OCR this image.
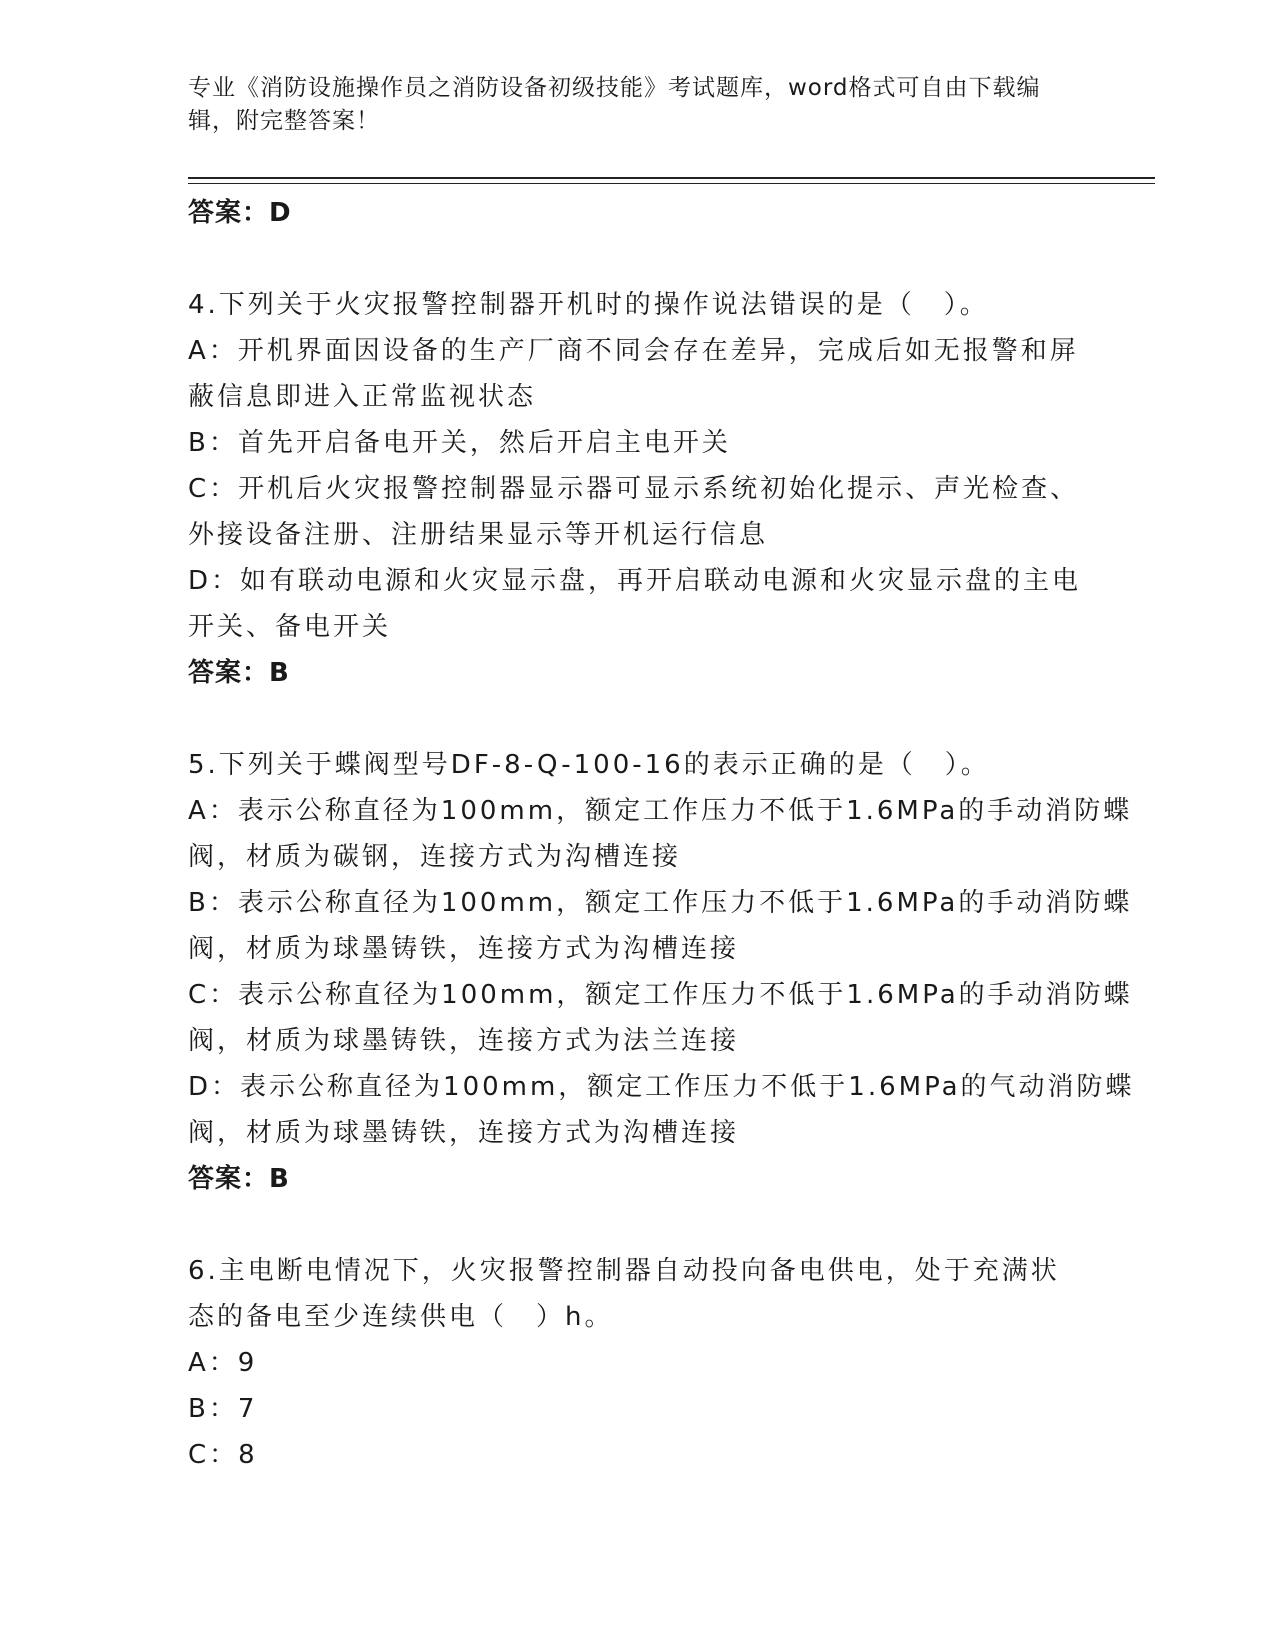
专业《消防设施操作员之消防设备初级技能》考试题库，word格式可自由下载编
辑，附完整答案！
答案：D
4.下列关于火灾报警控制器开机时的操作说法错误的是（　）。
A：开机界面因设备的生产厂商不同会存在差异，完成后如无报警和屏
蔽信息即进入正常监视状态
B：首先开启备电开关，然后开启主电开关
C：开机后火灾报警控制器显示器可显示系统初始化提示、声光检查、
外接设备注册、注册结果显示等开机运行信息
D：如有联动电源和火灾显示盘，再开启联动电源和火灾显示盘的主电
开关、备电开关
答案：B
5.下列关于蝶阀型号DF-8-Q-100-16的表示正确的是（　）。
A：表示公称直径为100mm，额定工作压力不低于1.6MPa的手动消防蝶
阀，材质为碳钢，连接方式为沟槽连接
B：表示公称直径为100mm，额定工作压力不低于1.6MPa的手动消防蝶
阀，材质为球墨铸铁，连接方式为沟槽连接
C：表示公称直径为100mm，额定工作压力不低于1.6MPa的手动消防蝶
阀，材质为球墨铸铁，连接方式为法兰连接
D：表示公称直径为100mm，额定工作压力不低于1.6MPa的气动消防蝶
阀，材质为球墨铸铁，连接方式为沟槽连接
答案：B
6.主电断电情况下，火灾报警控制器自动投向备电供电，处于充满状
态的备电至少连续供电（　）h。
A：9
B：7
C：8
